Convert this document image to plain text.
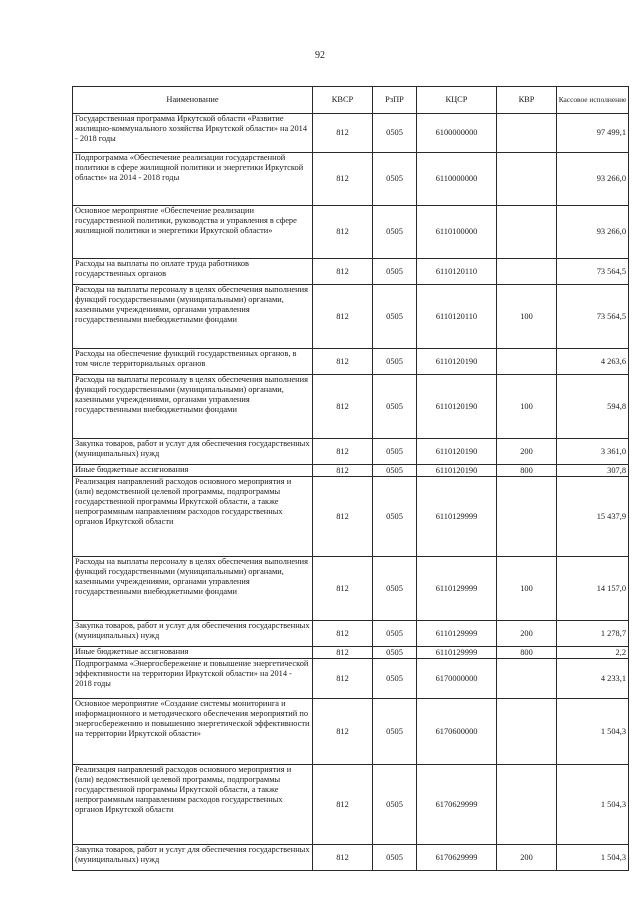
92
Наименование	КВСР	РзПР	КЦСР	КВР	Кассовое исполнение
Государственная программа Иркутской области «Развитие жилищно-коммунального хозяйства Иркутской области» на 2014 - 2018 годы	812	0505	6100000000		97 499,1
Подпрограмма «Обеспечение реализации государственной политики в сфере жилищной политики и энергетики Иркутской области» на 2014 - 2018 годы	812	0505	6110000000		93 266,0
Основное мероприятие «Обеспечение реализации государственной политики, руководства и управления в сфере жилищной политики и энергетики Иркутской области»	812	0505	6110100000		93 266,0
Расходы на выплаты по оплате труда работников государственных органов	812	0505	6110120110		73 564,5
Расходы на выплаты персоналу в целях обеспечения выполнения функций государственными (муниципальными) органами, казенными учреждениями, органами управления государственными внебюджетными фондами	812	0505	6110120110	100	73 564,5
Расходы на обеспечение функций государственных органов, в том числе территориальных органов	812	0505	6110120190		4 263,6
Расходы на выплаты персоналу в целях обеспечения выполнения функций государственными (муниципальными) органами, казенными учреждениями, органами управления государственными внебюджетными фондами	812	0505	6110120190	100	594,8
Закупка товаров, работ и услуг для обеспечения государственных (муниципальных) нужд	812	0505	6110120190	200	3 361,0
Иные бюджетные ассигнования	812	0505	6110120190	800	307,8
Реализация направлений расходов основного мероприятия и (или) ведомственной целевой программы, подпрограммы государственной программы Иркутской области, а также непрограммным направлениям расходов государственных органов Иркутской области	812	0505	6110129999		15 437,9
Расходы на выплаты персоналу в целях обеспечения выполнения функций государственными (муниципальными) органами, казенными учреждениями, органами управления государственными внебюджетными фондами	812	0505	6110129999	100	14 157,0
Закупка товаров, работ и услуг для обеспечения государственных (муниципальных) нужд	812	0505	6110129999	200	1 278,7
Иные бюджетные ассигнования	812	0505	6110129999	800	2,2
Подпрограмма «Энергосбережение и повышение энергетической эффективности на территории Иркутской области» на 2014 - 2018 годы	812	0505	6170000000		4 233,1
Основное мероприятие «Создание системы мониторинга и информационного и методического обеспечения мероприятий по энергосбережению и повышению энергетической эффективности на территории Иркутской области»	812	0505	6170600000		1 504,3
Реализация направлений расходов основного мероприятия и (или) ведомственной целевой программы, подпрограммы государственной программы Иркутской области, а также непрограммным направлениям расходов государственных органов Иркутской области	812	0505	6170629999		1 504,3
Закупка товаров, работ и услуг для обеспечения государственных (муниципальных) нужд	812	0505	6170629999	200	1 504,3
